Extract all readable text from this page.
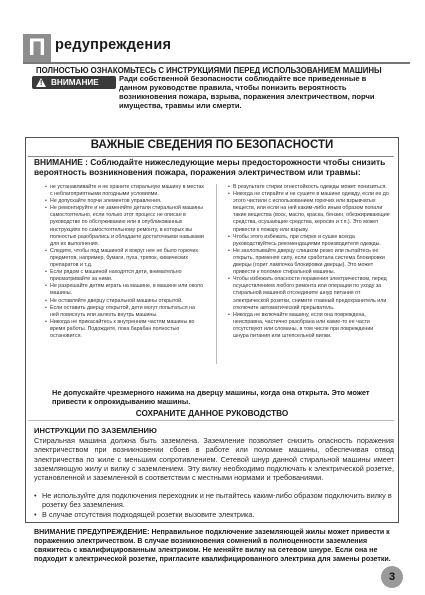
П редупреждения
ПОЛНОСТЬЮ ОЗНАКОМЬТЕСЬ С ИНСТРУКЦИЯМИ ПЕРЕД ИСПОЛЬЗОВАНИЕМ МАШИНЫ
! ВНИМАНИЕ	Ради собственной безопасности соблюдайте все приведенные в данном руководстве правила, чтобы понизить вероятность возникновения пожара, взрыва, поражения электричеством, порчи имущества, травмы или смерти.
ВАЖНЫЕ СВЕДЕНИЯ ПО БЕЗОПАСНОСТИ
ВНИМАНИЕ : Соблюдайте нижеследующие меры предосторожности чтобы снизить вероятность возникновения пожара, поражения электричеством или травмы:
• не устанавливайте и не храните стиральную машину в местах с неблагоприятными погодными условиями.
• Не допускайте порчи элементов управления.
• Не ремонтируйте и не заменяйте детали стиральной машины самостоятельно, если только этот процесс не описан в руководстве по обслуживанию или в опубликованных инструкциях по самостоятельному ремонту, в которых вы полностью разобрались и обладаете достаточными навыками для их выполнения.
• Следите, чтобы под машиной и вокруг нее не было горючих предметов, например, бумаги, пуха, тряпок, химических препаратов и т.д.
• Если рядом с машиной находятся дети, внимательно присматривайте за ними.
• Не разрешайте детям играть на машине, в машине или около машины.
• Не оставляйте дверцу стиральной машины открытой.
• Если оставить дверцу открытой, дети могут попытаться на ней повиснуть или залезть внутрь машины.
• Никогда не прикасайтесь к внутренним частям машины во время работы. Подождите, пока барабан полностью остановится.
• В результате стирки огнестойкость одежды может понизиться.
• Никогда не стирайте и не сушите в машине одежду, если ее до этого чистили с использованием горючих или взрывчатых веществ, или если на ней каким-либо иным образом попали такие вещества (воск, масло, краска, бензин, обезжиривающие средства, осушающие средства, керосин и т.п.). Это может привести к пожару или взрыву.
• Чтобы этого избежать, при стирке и сушке всегда руководствуйтесь рекомендациями производителя одежды.
• Не захлопывайте дверцу слишком резко или пытайтесь ее открыть, применяя силу, если сработала система блокировки дверцы (горит лампочка блокировки дверцы). Это может привести к поломке стиральной машины.
• Чтобы избежать опасности поражения электричеством, перед осуществлением любого ремонта или операции по уходу за стиральной машиной отсоедините шнур питания от электрической розетки, снимите главный предохранитель или отключите автоматический прерыватель.
• Никогда не включайте машину, если она повреждена, неисправна, частично разобрана или какие-то ее части отсутствуют или сломаны, в том числе при повреждении шнура питания или штепсельной вилки.
Не допускайте чрезмерного нажима на дверцу машины, когда она открыта. Это может привести к опрокидыванию машины.
СОХРАНИТЕ ДАННОЕ РУКОВОДСТВО
ИНСТРУКЦИИ ПО ЗАЗЕМЛЕНИЮ
Стиральная машина должна быть заземлена. Заземление позволяет снизить опасность поражения электричеством при возникновении сбоев в работе или поломке машины, обеспечивая отвод электричества по жиле с меньшим сопротивлением. Сетевой шнур данной стиральной машины имеет заземляющую жилу и вилку с заземлением. Эту вилку необходимо подключать к электрической розетке, установленной и заземленной в соответствии с местными нормами и требованиями.
• Не используйте для подключения переходник и не пытайтесь каким-либо образом подключить вилку в розетку без заземления.
• В случае отсутствия подходящей розетки вызовите электрика.
ВНИМАНИЕ ПРЕДУПРЕЖДЕНИЕ: Неправильное подключение заземляющей жилы может привести к поражению электричеством. В случае возникновения сомнений в полноценности заземления свяжитесь с квалифицированным электриком. Не меняйте вилку на сетевом шнуре. Если она не подходит к электрической розетке, пригласите квалифицированного электрика для замены розетки.
3
